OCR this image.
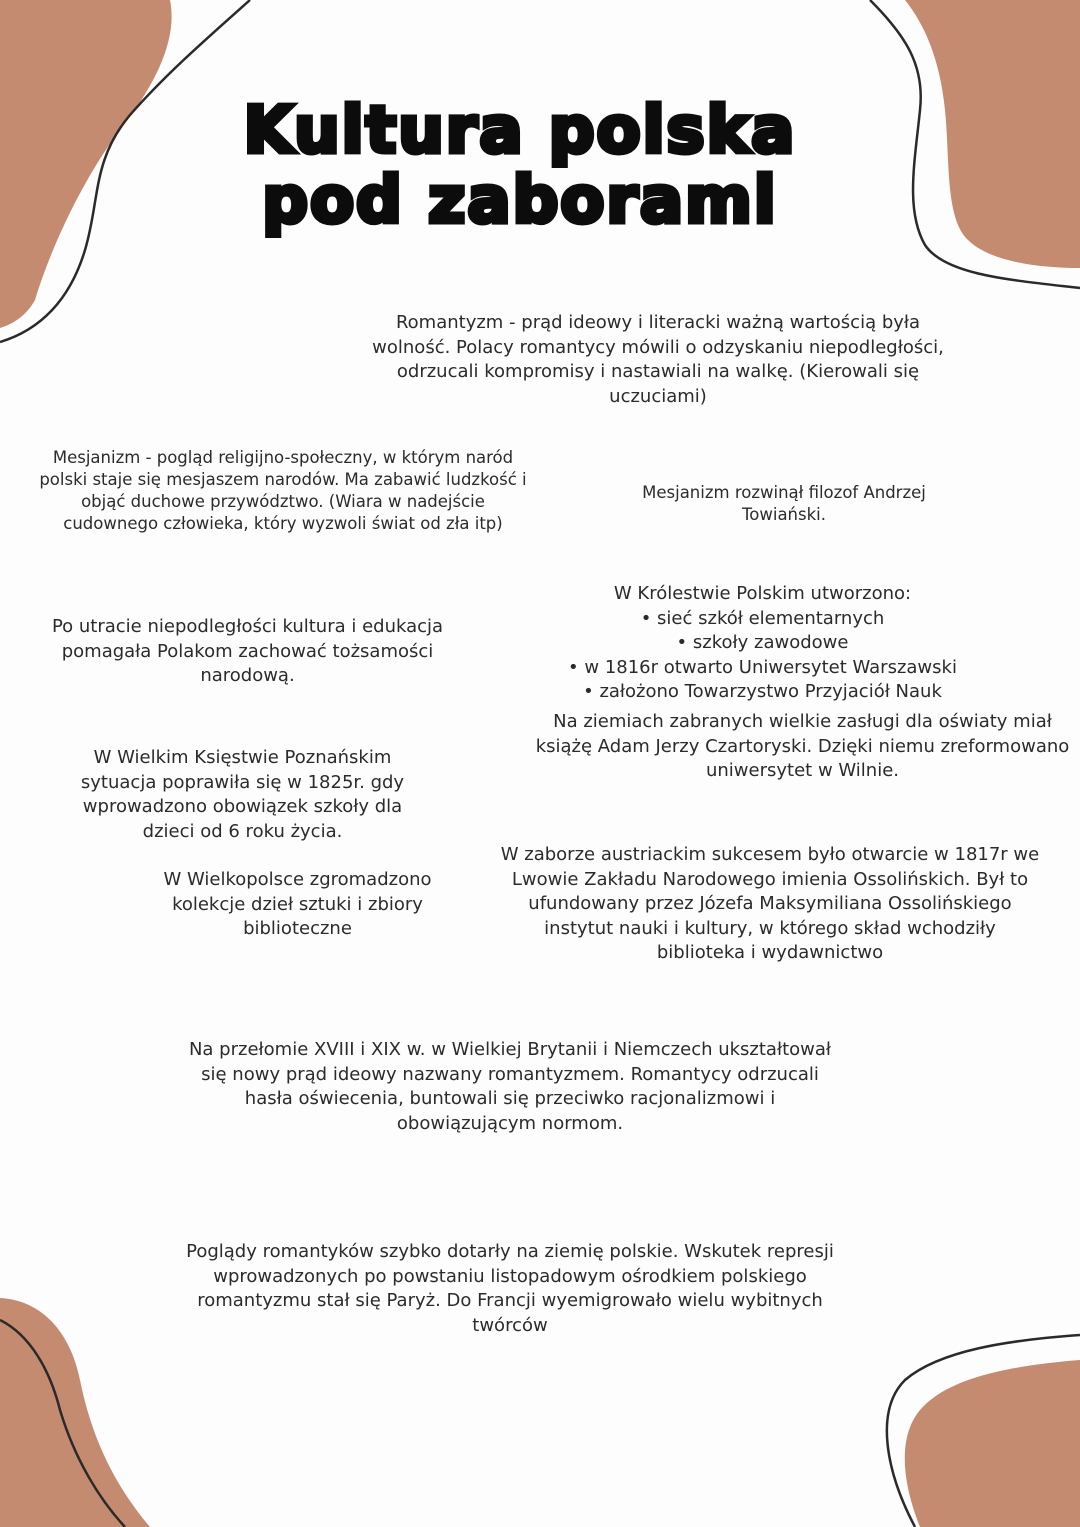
Kultura polska
pod zaborami
Romantyzm - prąd ideowy i literacki ważną wartością była wolność. Polacy romantycy mówili o odzyskaniu niepodległości, odrzucali kompromisy i nastawiali na walkę. (Kierowali się uczuciami)
Mesjanizm - pogląd religijno-społeczny, w którym naród polski staje się mesjaszem narodów. Ma zabawić ludzkość i objąć duchowe przywództwo. (Wiara w nadejście cudownego człowieka, który wyzwoli świat od zła itp)
Mesjanizm rozwinął filozof Andrzej Towiański.

W Królestwie Polskim utworzono:

• sieć szkół elementarnych
• szkoły zawodowe
• w 1816r otwarto Uniwersytet Warszawski
• założono Towarzystwo Przyjaciół Nauk
Na ziemiach zabranych wielkie zasługi dla oświaty miał książę Adam Jerzy Czartoryski. Dzięki niemu zreformowano uniwersytet w Wilnie.
Po utracie niepodległości kultura i edukacja pomagała Polakom zachować tożsamości narodową.
W Wielkim Księstwie Poznańskim sytuacja poprawiła się w 1825r. gdy wprowadzono obowiązek szkoły dla dzieci od 6 roku życia.
W Wielkopolsce zgromadzono kolekcje dzieł sztuki i zbiory biblioteczne
W zaborze austriackim sukcesem było otwarcie w 1817r we Lwowie Zakładu Narodowego imienia Ossolińskich. Był to ufundowany przez Józefa Maksymiliana Ossolińskiego instytut nauki i kultury, w którego skład wchodziły biblioteka i wydawnictwo
Na przełomie XVIII i XIX w. w Wielkiej Brytanii i Niemczech ukształtował się nowy prąd ideowy nazwany romantyzmem. Romantycy odrzucali hasła oświecenia, buntowali się przeciwko racjonalizmowi i obowiązującym normom.
Poglądy romantyków szybko dotarły na ziemię polskie. Wskutek represji wprowadzonych po powstaniu listopadowym ośrodkiem polskiego romantyzmu stał się Paryż. Do Francji wyemigrowało wielu wybitnych twórców
